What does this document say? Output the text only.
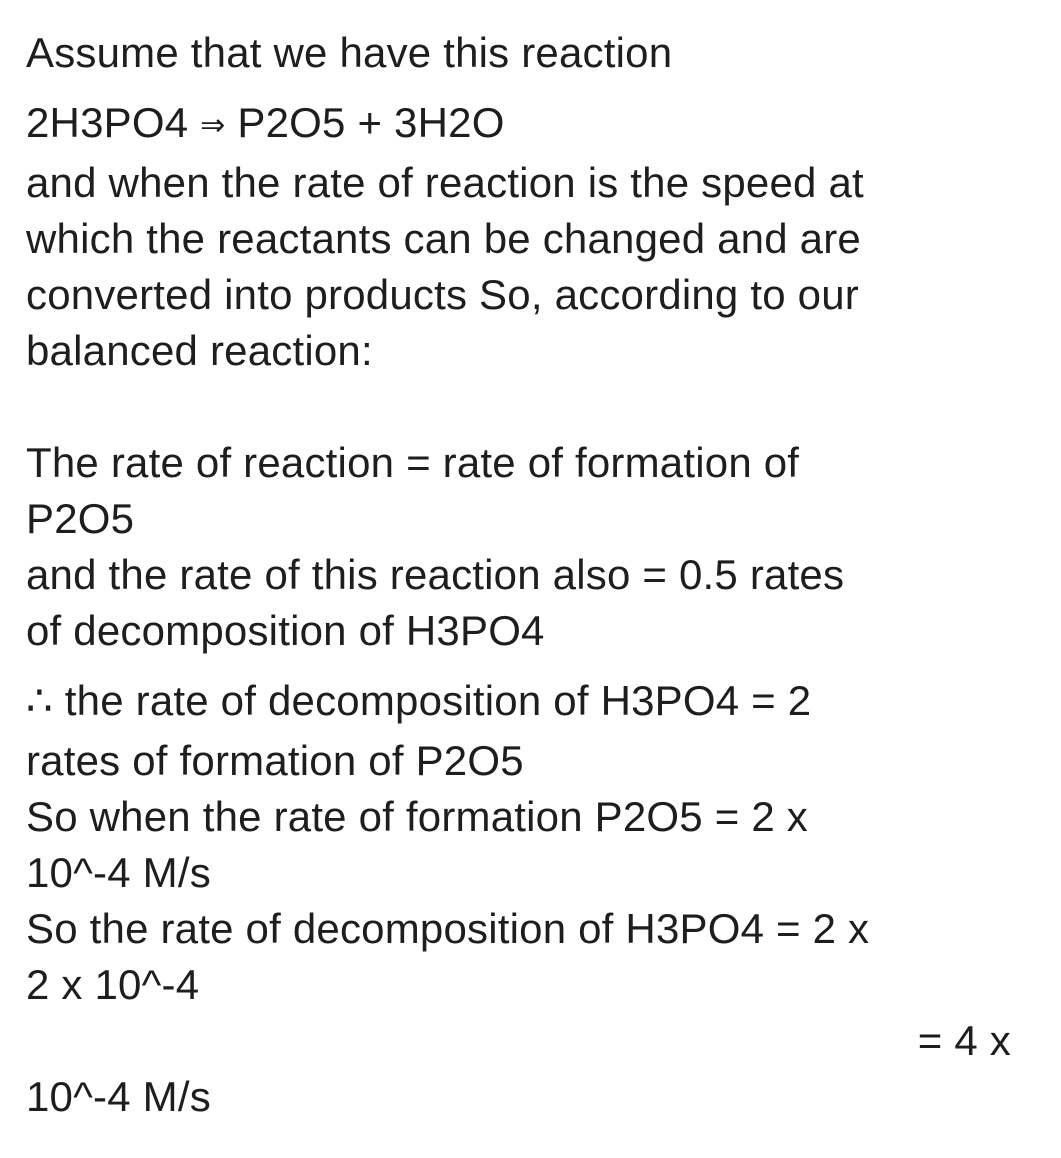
Assume that we have this reaction
2H3PO4 ⇒ P2O5 + 3H2O
and when the rate of reaction is the speed at
which the reactants can be changed and are
converted into products So, according to our
balanced reaction:
The rate of reaction = rate of formation of
P2O5
and the rate of this reaction also = 0.5 rates
of decomposition of H3PO4
∴ the rate of decomposition of H3PO4 = 2
rates of formation of P2O5
So when the rate of formation P2O5 = 2 x
10^-4 M/s
So the rate of decomposition of H3PO4 = 2 x
2 x 10^-4
= 4 x
10^-4 M/s
